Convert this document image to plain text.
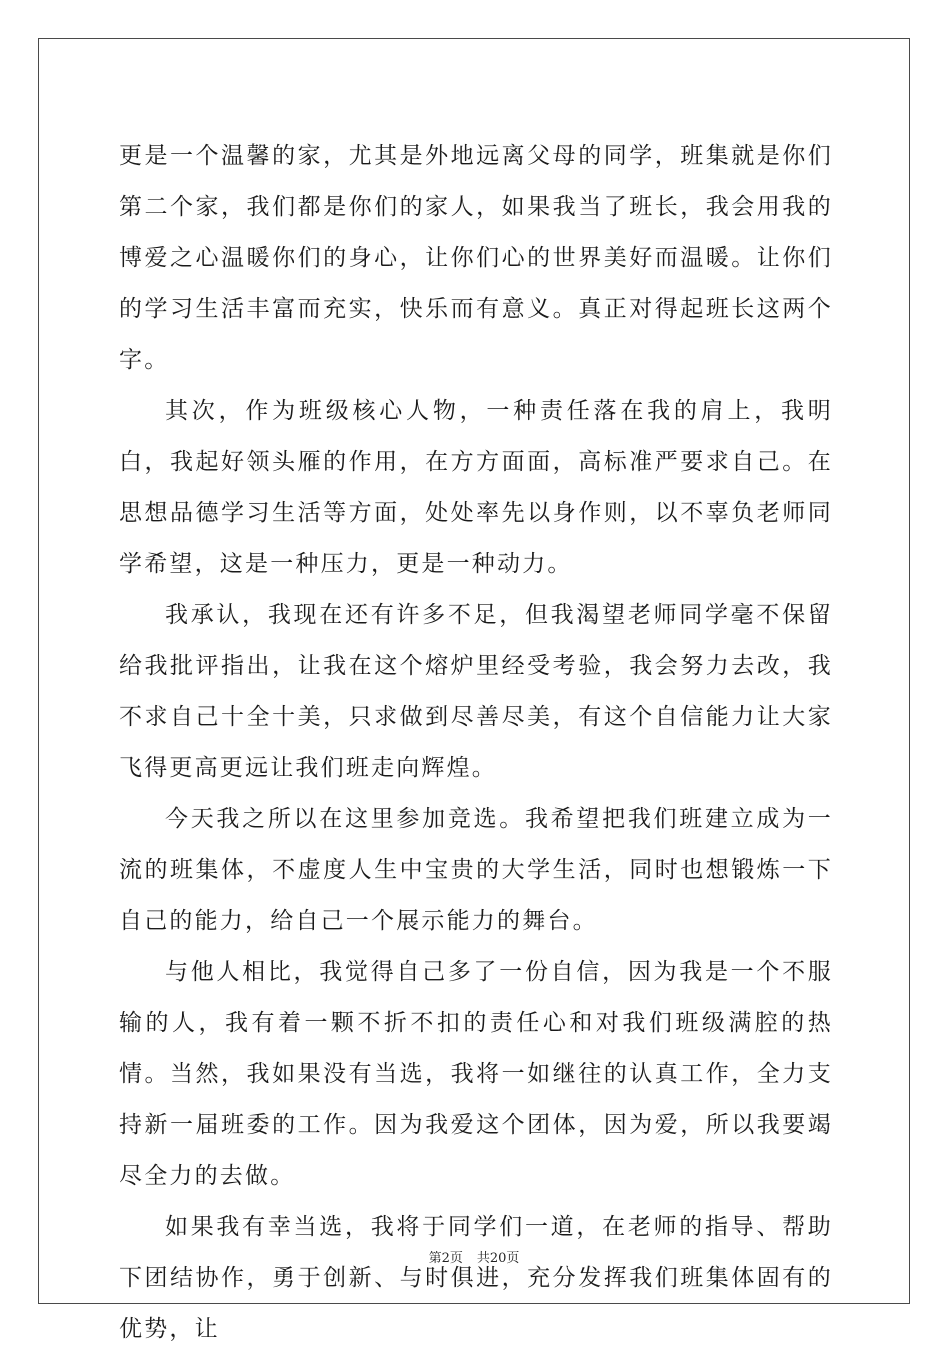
更是一个温馨的家，尤其是外地远离父母的同学，班集就是你们第二个家，我们都是你们的家人，如果我当了班长，我会用我的博爱之心温暖你们的身心，让你们心的世界美好而温暖。让你们的学习生活丰富而充实，快乐而有意义。真正对得起班长这两个字。

其次，作为班级核心人物，一种责任落在我的肩上，我明白，我起好领头雁的作用，在方方面面，高标准严要求自己。在思想品德学习生活等方面，处处率先以身作则，以不辜负老师同学希望，这是一种压力，更是一种动力。

我承认，我现在还有许多不足，但我渴望老师同学毫不保留给我批评指出，让我在这个熔炉里经受考验，我会努力去改，我不求自己十全十美，只求做到尽善尽美，有这个自信能力让大家飞得更高更远让我们班走向辉煌。

今天我之所以在这里参加竞选。我希望把我们班建立成为一流的班集体，不虚度人生中宝贵的大学生活，同时也想锻炼一下自己的能力，给自己一个展示能力的舞台。

与他人相比，我觉得自己多了一份自信，因为我是一个不服输的人，我有着一颗不折不扣的责任心和对我们班级满腔的热情。当然，我如果没有当选，我将一如继往的认真工作，全力支持新一届班委的工作。因为我爱这个团体，因为爱，所以我要竭尽全力的去做。

如果我有幸当选，我将于同学们一道，在老师的指导、帮助下团结协作，勇于创新、与时俱进，充分发挥我们班集体固有的优势，让

第2页 共20页
